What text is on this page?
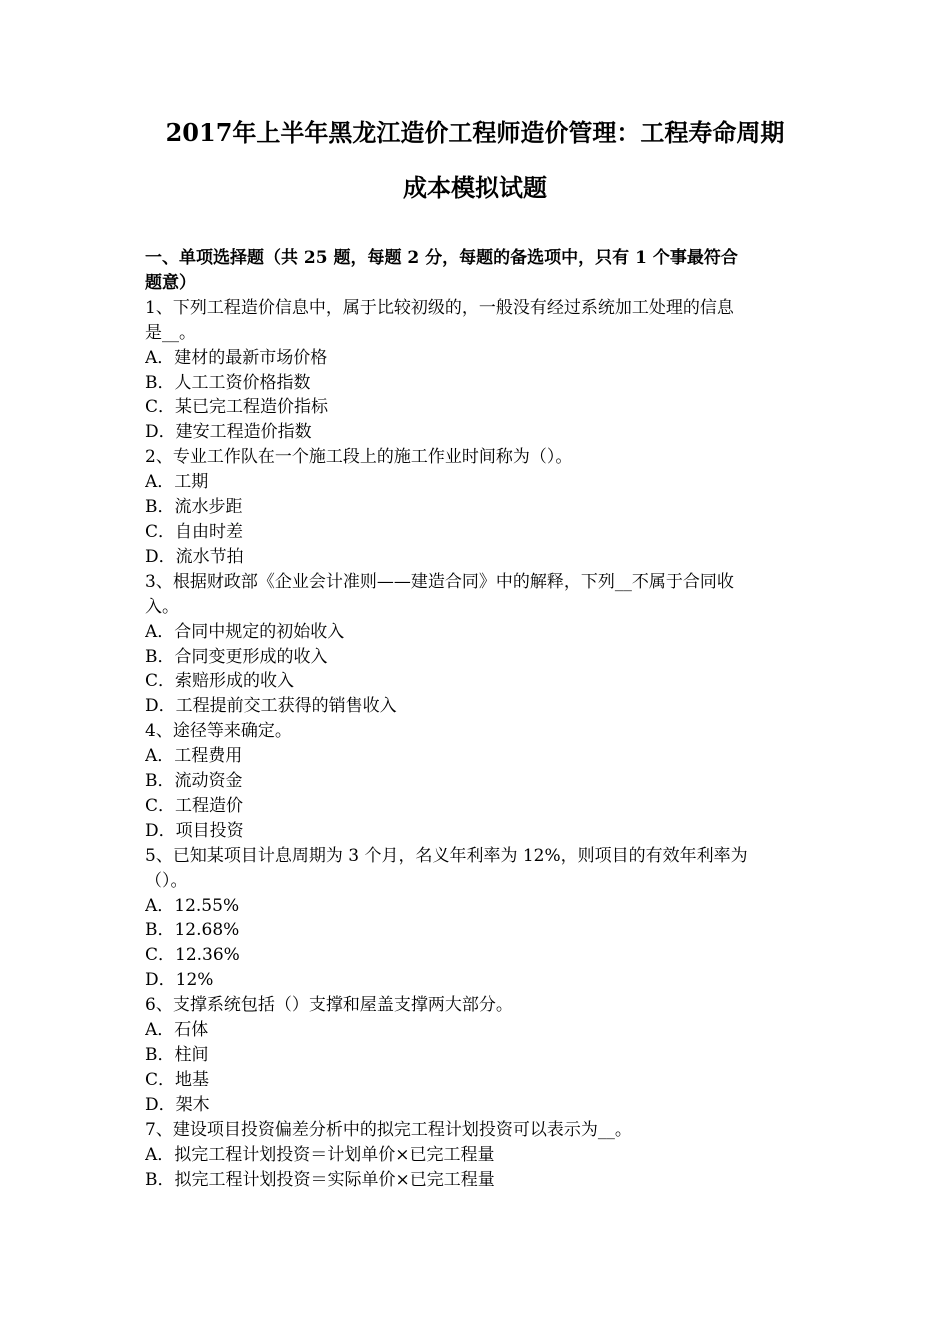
2017年上半年黑龙江造价工程师造价管理：工程寿命周期
成本模拟试题
一、单项选择题（共 25 题，每题 2 分，每题的备选项中，只有 1 个事最符合
题意）
1、下列工程造价信息中，属于比较初级的，一般没有经过系统加工处理的信息
是__。
A．建材的最新市场价格
B．人工工资价格指数
C．某已完工程造价指标
D．建安工程造价指数
2、专业工作队在一个施工段上的施工作业时间称为（）。
A．工期
B．流水步距
C．自由时差
D．流水节拍
3、根据财政部《企业会计准则——建造合同》中的解释，下列__不属于合同收
入。
A．合同中规定的初始收入
B．合同变更形成的收入
C．索赔形成的收入
D．工程提前交工获得的销售收入
4、途径等来确定。
A．工程费用
B．流动资金
C．工程造价
D．项目投资
5、已知某项目计息周期为 3 个月，名义年利率为 12%，则项目的有效年利率为
（）。
A．12.55%
B．12.68%
C．12.36%
D．12%
6、支撑系统包括（）支撑和屋盖支撑两大部分。
A．石体
B．柱间
C．地基
D．架木
7、建设项目投资偏差分析中的拟完工程计划投资可以表示为__。
A．拟完工程计划投资＝计划单价×已完工程量
B．拟完工程计划投资＝实际单价×已完工程量
